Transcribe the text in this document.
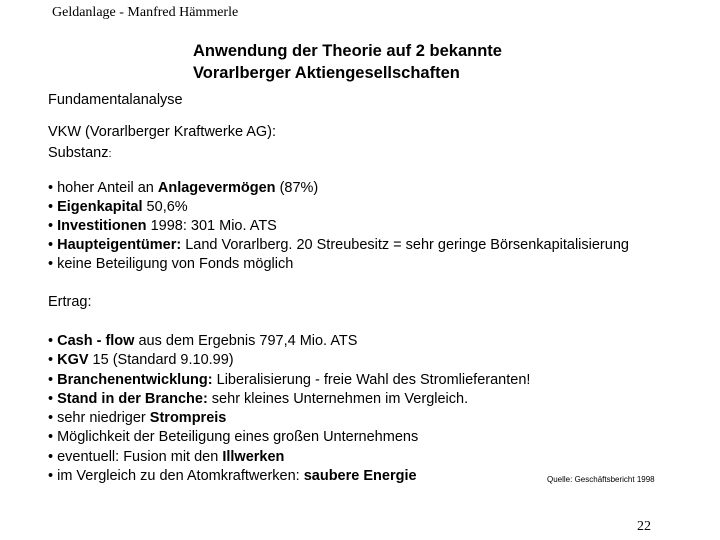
Geldanlage - Manfred Hämmerle
Anwendung der Theorie auf 2 bekannte
Vorarlberger Aktiengesellschaften
Fundamentalanalyse
VKW (Vorarlberger Kraftwerke AG):
Substanz:
• hoher Anteil an Anlagevermögen (87%)
• Eigenkapital 50,6%
• Investitionen 1998: 301 Mio. ATS
• Haupteigentümer: Land Vorarlberg. 20 Streubesitz = sehr geringe Börsenkapitalisierung
• keine Beteiligung von Fonds möglich
Ertrag:
• Cash - flow aus dem Ergebnis 797,4 Mio. ATS
• KGV 15 (Standard 9.10.99)
• Branchenentwicklung: Liberalisierung - freie Wahl des Stromlieferanten!
• Stand in der Branche: sehr kleines Unternehmen im Vergleich.
• sehr niedriger Strompreis
• Möglichkeit der Beteiligung eines großen Unternehmens
• eventuell: Fusion mit den Illwerken
• im Vergleich zu den Atomkraftwerken: saubere Energie	Quelle: Geschäftsbericht 1998
22
